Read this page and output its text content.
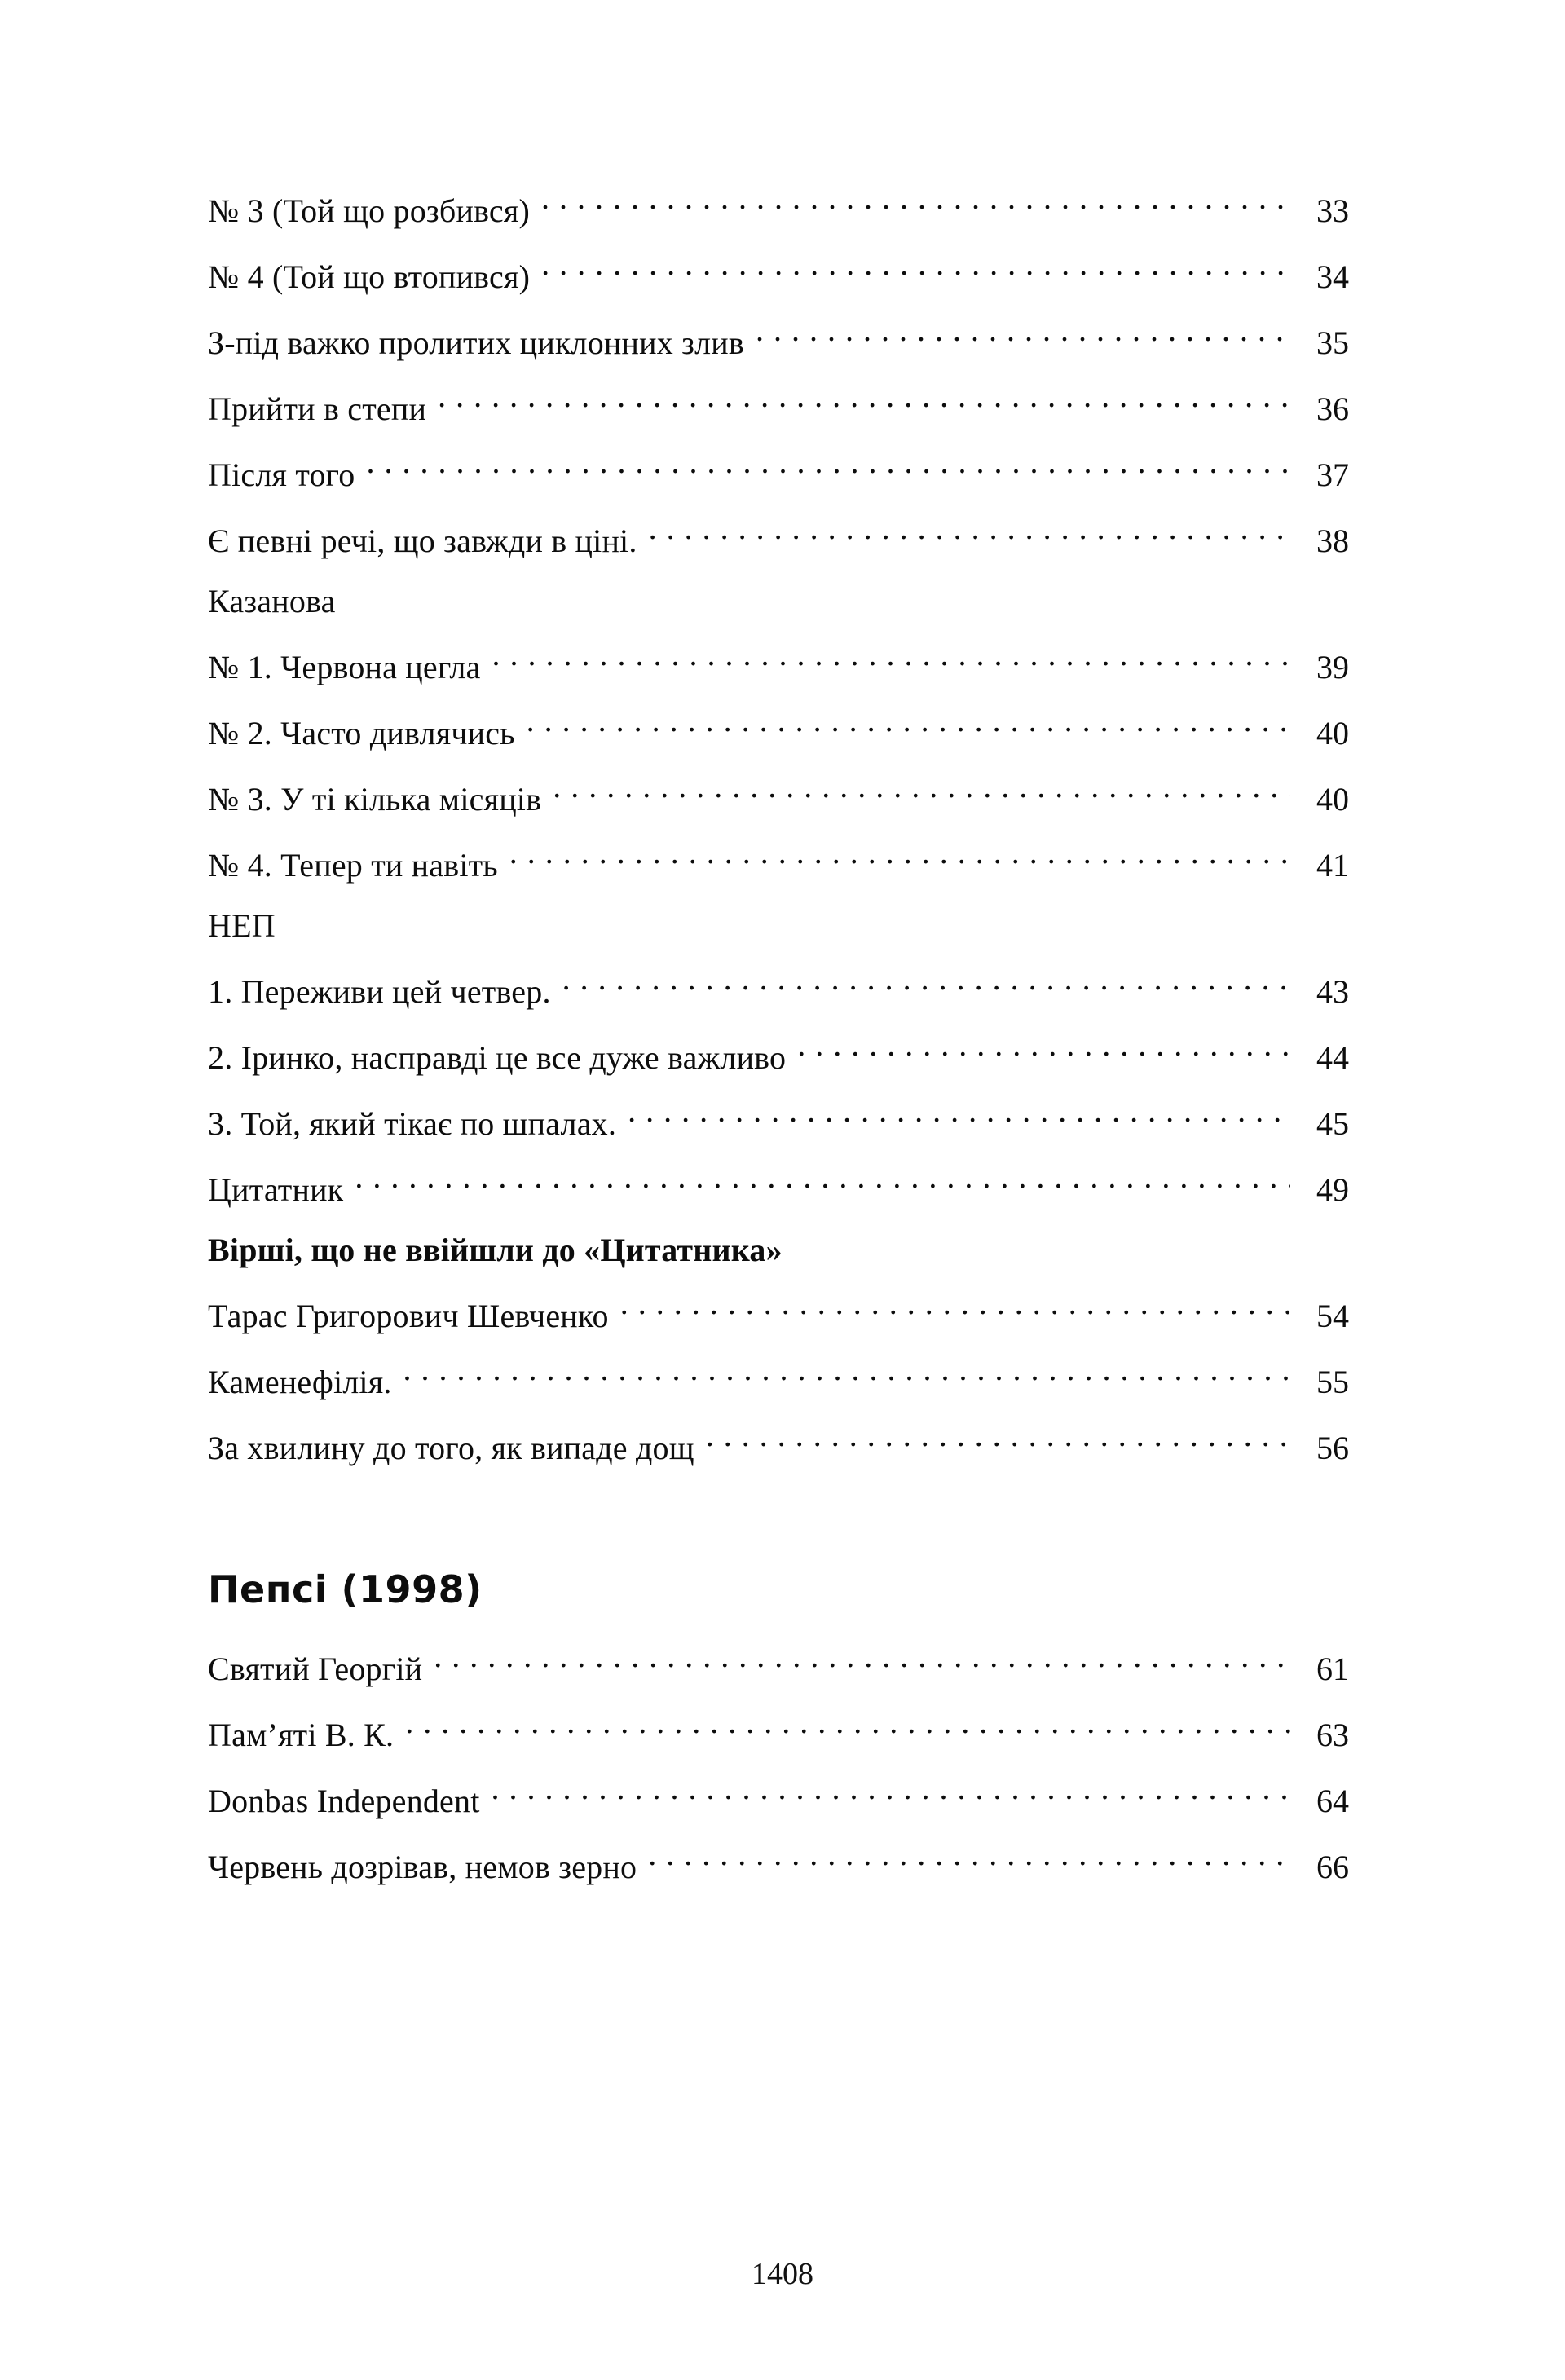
№ 3 (Той що розбився) . . .	33
№ 4 (Той що втопився) . . .	34
З-під важко пролитих циклонних злив . . .	35
Прийти в степи . . .	36
Після того . . .	37
Є певні речі, що завжди в ціні. . . .	38
Казанова
№ 1. Червона цегла . . .	39
№ 2. Часто дивлячись . . .	40
№ 3. У ті кілька місяців . . .	40
№ 4. Тепер ти навіть . . .	41
НЕП
1. Переживи цей четвер. . . .	43
2. Іринко, насправді це все дуже важливо . . .	44
3. Той, який тікає по шпалах. . . .	45
Цитатник . . .	49
Вірші, що не ввійшли до «Цитатника»
Тарас Григорович Шевченко . . .	54
Каменефілія. . . .	55
За хвилину до того, як випаде дощ . . .	56
Пепсі (1998)
Святий Георгій . . .	61
Пам’яті В. К. . . .	63
Donbas Independent . . .	64
Червень дозрівав, немов зерно . . .	66
1408
